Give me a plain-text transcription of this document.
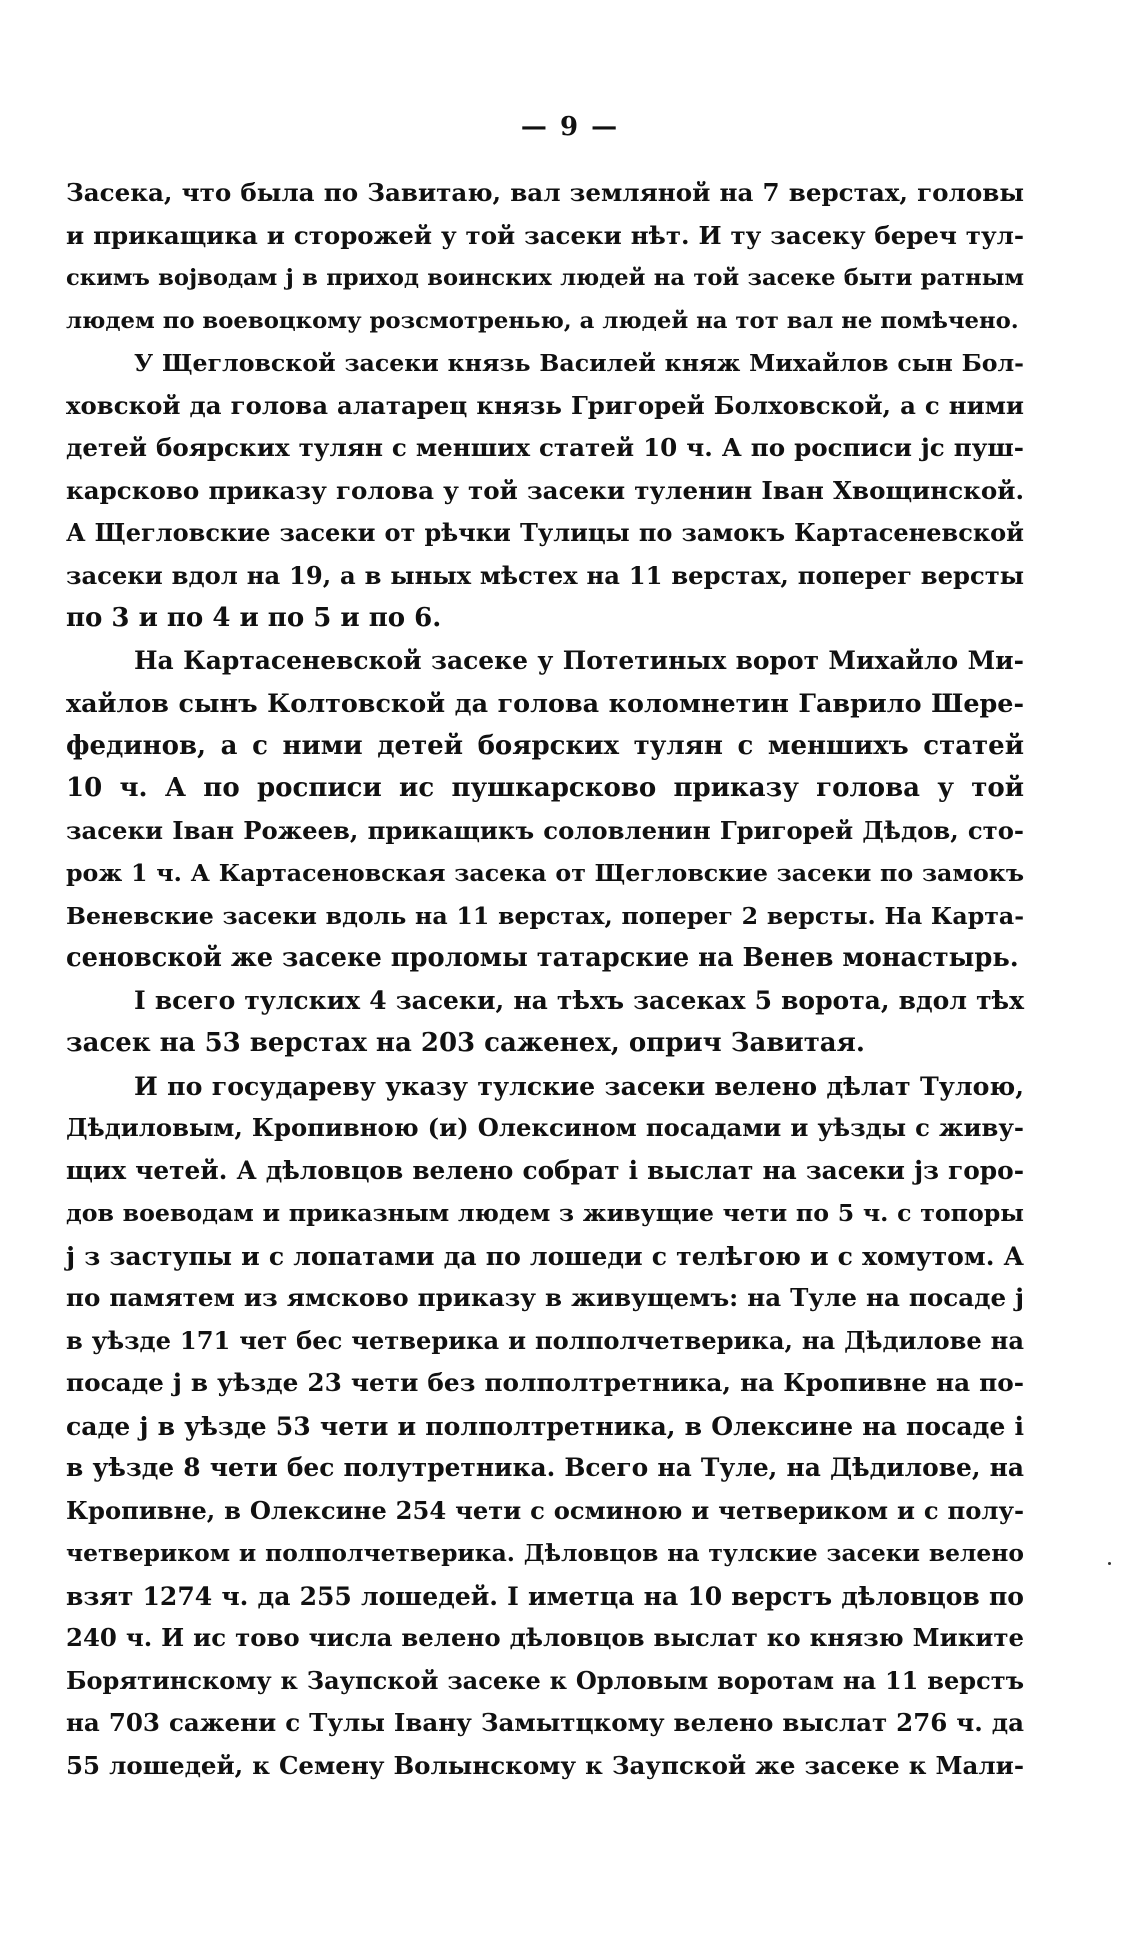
— 9 —

Засека, что была по Завитаю, вал земляной на 7 верстах, головы
и прикащика и сторожей у той засеки нѣт. И ту засеку береч тул-
скимъ воjводам j в приход воинских людей на той засеке быти ратным
людем по воевоцкому розсмотренью, а людей на тот вал не помѣчено.

У Щегловской засеки князь Василей княж Михайлов сын Бол-
ховской да голова алатарец князь Григорей Болховской, а с ними
детей боярских тулян с меншиx статей 10 ч. А по росписи јс пуш-
карсково приказу голова у той засеки туленин Іван Хвощинской.
А Щегловские засеки от рѣчки Тулицы по замокъ Картасеневской
засеки вдол на 19, а в ыных мѣстех на 11 верстах, поперег версты
по 3 и по 4 и по 5 и по 6.

На Картасеневской засеке у Потетиных ворот Михайло Ми-
хайлов сынъ Колтовской да голова коломнетин Гаврило Шере-
фединов, а с ними детей боярских тулян с меншихъ статей
10 ч. А по росписи ис пушкарсково приказу голова у той
засеки Іван Рожеев, прикащикъ соловленин Григорей Дѣдов, сто-
рож 1 ч. А Картасеновская засека от Щегловские засеки по замокъ
Веневские засеки вдоль на 11 верстах, поперег 2 версты. На Карта-
сеновской же засеке проломы татарские на Венев монастырь.

І всего тулских 4 засеки, на тѣхъ засеках 5 ворота, вдол тѣх
засек на 53 верстах на 203 саженех, оприч Завитая.

И по государеву указу тулские засеки велено дѣлат Тулою,
Дѣдиловым, Кропивною (и) Олексином посадами и уѣзды с живу-
щих четей. А дѣловцов велено собрат і выслат на засеки јз горо-
дов воеводам и приказным людем з живущие чети по 5 ч. с топоры
j з заступы и с лопатами да по лошеди с телѣгою и с хомутом. А
по памятем из ямсково приказу в живущемъ: на Туле на посаде j
в уѣзде 171 чет бес четверика и полполчетверика, на Дѣдилове на
посаде j в уѣзде 23 чети без полполтретника, на Кропивне на по-
саде j в уѣзде 53 чети и полполтретника, в Олексине на посаде і
в уѣзде 8 чети бес полутретника. Всего на Туле, на Дѣдилове, на
Кропивне, в Олексине 254 чети с осминою и четвериком и с полу-
четвериком и полполчетверика. Дѣловцов на тулские засеки велено
взят 1274 ч. да 255 лошедей. І иметца на 10 верстъ дѣловцов по
240 ч. И ис тово числа велено дѣловцов выслат ко князю Миките
Борятинскому к Заупской засеке к Орловым воротам на 11 верстъ
на 703 сажени с Тулы Івану Замытцкому велено выслат 276 ч. да
55 лошедей, к Семену Волынскому к Заупской же засеке к Мали-
